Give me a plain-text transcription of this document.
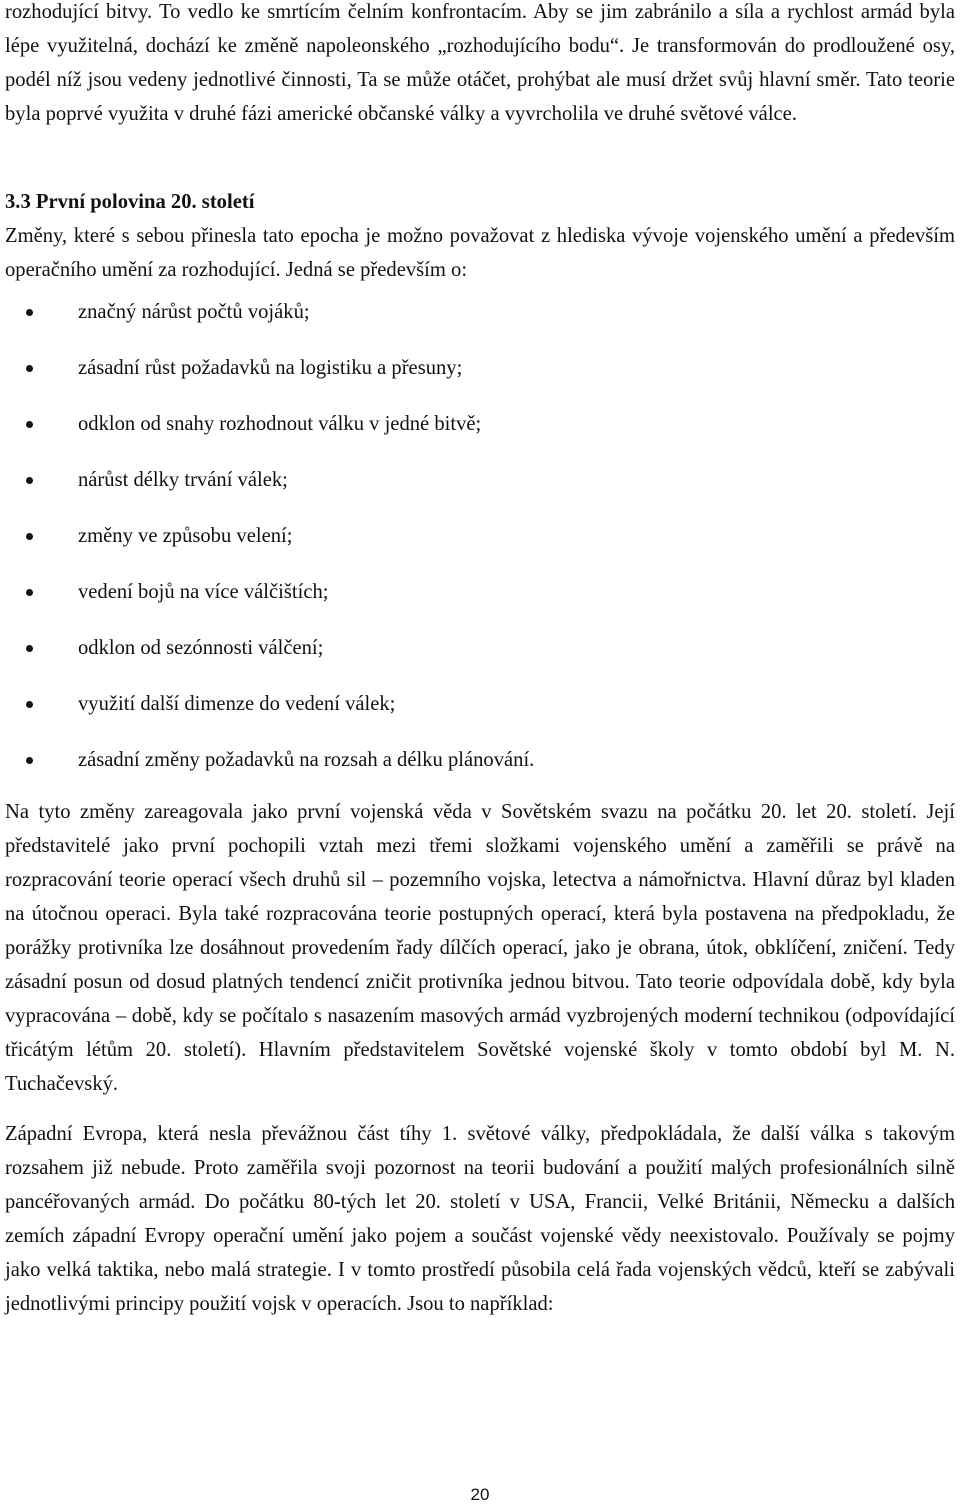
rozhodující bitvy. To vedlo ke smrtícím čelním konfrontacím. Aby se jim zabránilo a síla a rychlost armád byla lépe využitelná, dochází ke změně napoleonského „rozhodujícího bodu“. Je transformován do prodloužené osy, podél níž jsou vedeny jednotlivé činnosti, Ta se může otáčet, prohýbat ale musí držet svůj hlavní směr. Tato teorie byla poprvé využita v druhé fázi americké občanské války a vyvrcholila ve druhé světové válce.

3.3 První polovina 20. století

Změny, které s sebou přinesla tato epocha je možno považovat z hlediska vývoje vojenského umění a především operačního umění za rozhodující. Jedná se především o:

značný nárůst počtů vojáků;
zásadní růst požadavků na logistiku a přesuny;
odklon od snahy rozhodnout válku v jedné bitvě;
nárůst délky trvání válek;
změny ve způsobu velení;
vedení bojů na více válčištích;
odklon od sezónnosti válčení;
využití další dimenze do vedení válek;
zásadní změny požadavků na rozsah a délku plánování.

Na tyto změny zareagovala jako první vojenská věda v Sovětském svazu na počátku 20. let 20. století. Její představitelé jako první pochopili vztah mezi třemi složkami vojenského umění a zaměřili se právě na rozpracování teorie operací všech druhů sil – pozemního vojska, letectva a námořnictva. Hlavní důraz byl kladen na útočnou operaci. Byla také rozpracována teorie postupných operací, která byla postavena na předpokladu, že porážky protivníka lze dosáhnout provedením řady dílčích operací, jako je obrana, útok, obklíčení, zničení. Tedy zásadní posun od dosud platných tendencí zničit protivníka jednou bitvou. Tato teorie odpovídala době, kdy byla vypracována – době, kdy se počítalo s nasazením masových armád vyzbrojených moderní technikou (odpovídající třicátým létům 20. století). Hlavním představitelem Sovětské vojenské školy v tomto období byl M. N. Tuchačevský.

Západní Evropa, která nesla převážnou část tíhy 1. světové války, předpokládala, že další válka s takovým rozsahem již nebude. Proto zaměřila svoji pozornost na teorii budování a použití malých profesionálních silně pancéřovaných armád. Do počátku 80-tých let 20. století v USA, Francii, Velké Británii, Německu a dalších zemích západní Evropy operační umění jako pojem a součást vojenské vědy neexistovalo. Používaly se pojmy jako velká taktika, nebo malá strategie. I v tomto prostředí působila celá řada vojenských vědců, kteří se zabývali jednotlivými principy použití vojsk v operacích. Jsou to například:

20
